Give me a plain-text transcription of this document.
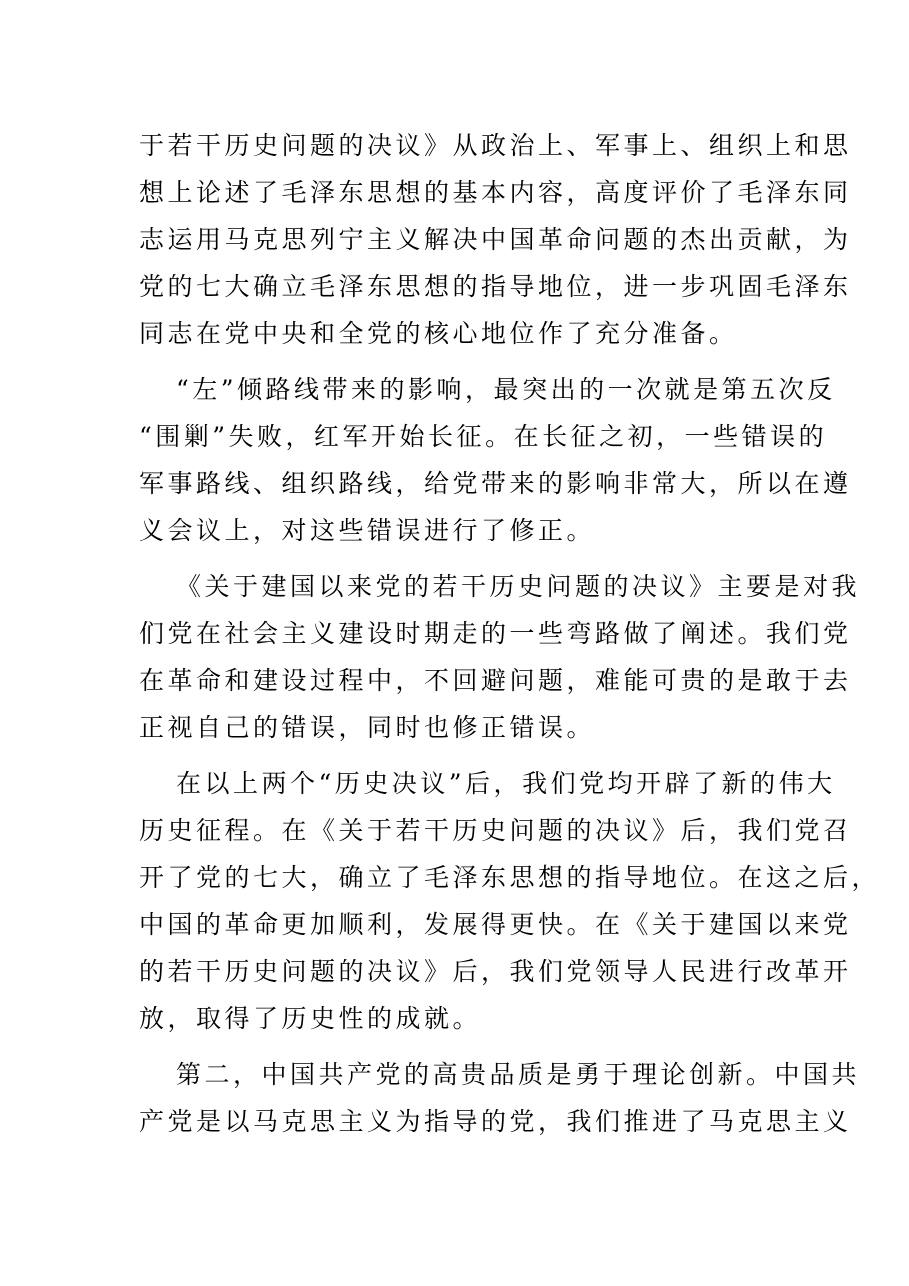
于若干历史问题的决议》从政治上、军事上、组织上和思
想上论述了毛泽东思想的基本内容，高度评价了毛泽东同
志运用马克思列宁主义解决中国革命问题的杰出贡献，为
党的七大确立毛泽东思想的指导地位，进一步巩固毛泽东
同志在党中央和全党的核心地位作了充分准备。

“左”倾路线带来的影响，最突出的一次就是第五次反
“围剿”失败，红军开始长征。在长征之初，一些错误的
军事路线、组织路线，给党带来的影响非常大，所以在遵
义会议上，对这些错误进行了修正。

《关于建国以来党的若干历史问题的决议》主要是对我
们党在社会主义建设时期走的一些弯路做了阐述。我们党
在革命和建设过程中，不回避问题，难能可贵的是敢于去
正视自己的错误，同时也修正错误。

在以上两个“历史决议”后，我们党均开辟了新的伟大
历史征程。在《关于若干历史问题的决议》后，我们党召
开了党的七大，确立了毛泽东思想的指导地位。在这之后，
中国的革命更加顺利，发展得更快。在《关于建国以来党
的若干历史问题的决议》后，我们党领导人民进行改革开
放，取得了历史性的成就。

第二，中国共产党的高贵品质是勇于理论创新。中国共
产党是以马克思主义为指导的党，我们推进了马克思主义
